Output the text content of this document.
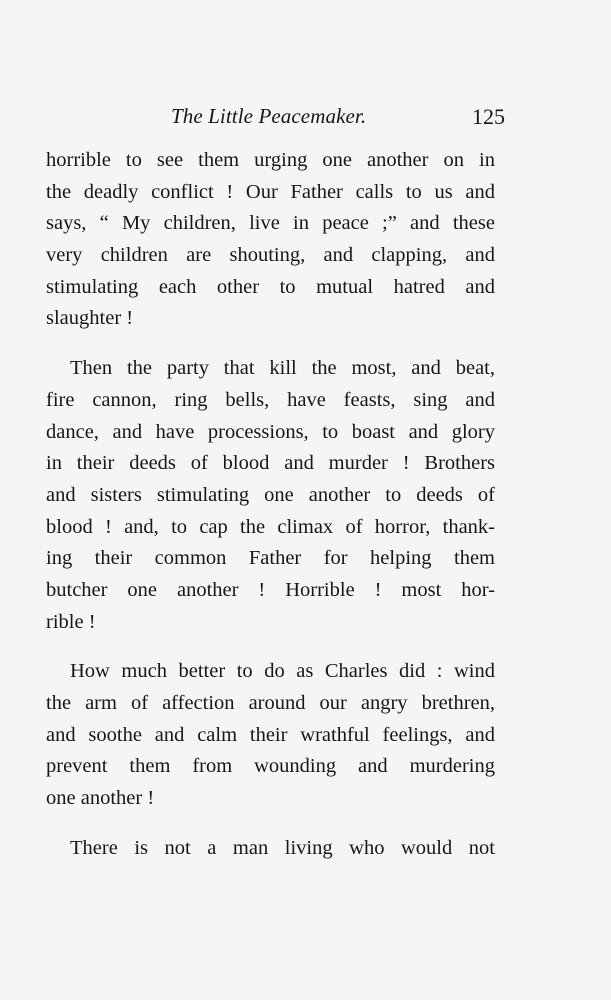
The Little Peacemaker.	125
horrible to see them urging one another on in
the deadly conflict ! Our Father calls to us and
says, “ My children, live in peace ;” and these
very children are shouting, and clapping, and
stimulating each other to mutual hatred and
slaughter !
Then the party that kill the most, and beat,
fire cannon, ring bells, have feasts, sing and
dance, and have processions, to boast and glory
in their deeds of blood and murder ! Brothers
and sisters stimulating one another to deeds of
blood ! and, to cap the climax of horror, thank-
ing their common Father for helping them
butcher one another ! Horrible ! most hor-
rible !
How much better to do as Charles did : wind
the arm of affection around our angry brethren,
and soothe and calm their wrathful feelings, and
prevent them from wounding and murdering
one another !
There is not a man living who would not
